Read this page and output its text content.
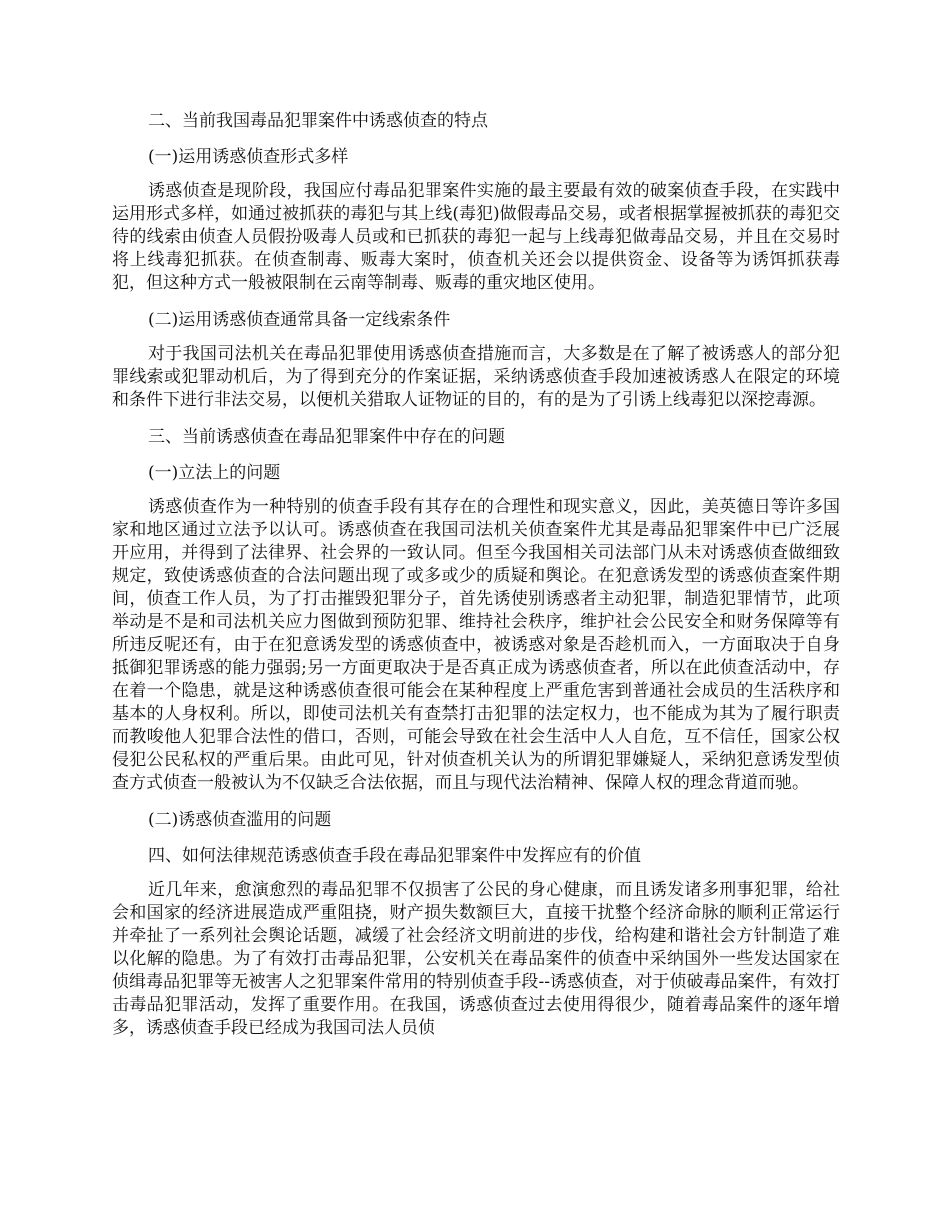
二、当前我国毒品犯罪案件中诱惑侦查的特点
(一)运用诱惑侦查形式多样

诱惑侦查是现阶段，我国应付毒品犯罪案件实施的最主要最有效的破案侦查手段，在实践中运用形式多样，如通过被抓获的毒犯与其上线(毒犯)做假毒品交易，或者根据掌握被抓获的毒犯交待的线索由侦查人员假扮吸毒人员或和已抓获的毒犯一起与上线毒犯做毒品交易，并且在交易时将上线毒犯抓获。在侦查制毒、贩毒大案时，侦查机关还会以提供资金、设备等为诱饵抓获毒犯，但这种方式一般被限制在云南等制毒、贩毒的重灾地区使用。

(二)运用诱惑侦查通常具备一定线索条件

对于我国司法机关在毒品犯罪使用诱惑侦查措施而言，大多数是在了解了被诱惑人的部分犯罪线索或犯罪动机后，为了得到充分的作案证据，采纳诱惑侦查手段加速被诱惑人在限定的环境和条件下进行非法交易，以便机关猎取人证物证的目的，有的是为了引诱上线毒犯以深挖毒源。

三、当前诱惑侦查在毒品犯罪案件中存在的问题
(一)立法上的问题

诱惑侦查作为一种特别的侦查手段有其存在的合理性和现实意义，因此，美英德日等许多国家和地区通过立法予以认可。诱惑侦查在我国司法机关侦查案件尤其是毒品犯罪案件中已广泛展开应用，并得到了法律界、社会界的一致认同。但至今我国相关司法部门从未对诱惑侦查做细致规定，致使诱惑侦查的合法问题出现了或多或少的质疑和舆论。在犯意诱发型的诱惑侦查案件期间，侦查工作人员，为了打击摧毁犯罪分子，首先诱使别诱惑者主动犯罪，制造犯罪情节，此项举动是不是和司法机关应力图做到预防犯罪、维持社会秩序，维护社会公民安全和财务保障等有所违反呢还有，由于在犯意诱发型的诱惑侦查中，被诱惑对象是否趁机而入，一方面取决于自身抵御犯罪诱惑的能力强弱;另一方面更取决于是否真正成为诱惑侦查者，所以在此侦查活动中，存在着一个隐患，就是这种诱惑侦查很可能会在某种程度上严重危害到普通社会成员的生活秩序和基本的人身权利。所以，即使司法机关有查禁打击犯罪的法定权力，也不能成为其为了履行职责而教唆他人犯罪合法性的借口，否则，可能会导致在社会生活中人人自危，互不信任，国家公权侵犯公民私权的严重后果。由此可见，针对侦查机关认为的所谓犯罪嫌疑人，采纳犯意诱发型侦查方式侦查一般被认为不仅缺乏合法依据，而且与现代法治精神、保障人权的理念背道而驰。

(二)诱惑侦查滥用的问题
四、如何法律规范诱惑侦查手段在毒品犯罪案件中发挥应有的价值

近几年来，愈演愈烈的毒品犯罪不仅损害了公民的身心健康，而且诱发诸多刑事犯罪，给社会和国家的经济进展造成严重阻挠，财产损失数额巨大，直接干扰整个经济命脉的顺利正常运行并牵扯了一系列社会舆论话题，减缓了社会经济文明前进的步伐，给构建和谐社会方针制造了难以化解的隐患。为了有效打击毒品犯罪，公安机关在毒品案件的侦查中采纳国外一些发达国家在侦缉毒品犯罪等无被害人之犯罪案件常用的特别侦查手段--诱惑侦查，对于侦破毒品案件，有效打击毒品犯罪活动，发挥了重要作用。在我国，诱惑侦查过去使用得很少，随着毒品案件的逐年增多，诱惑侦查手段已经成为我国司法人员侦
